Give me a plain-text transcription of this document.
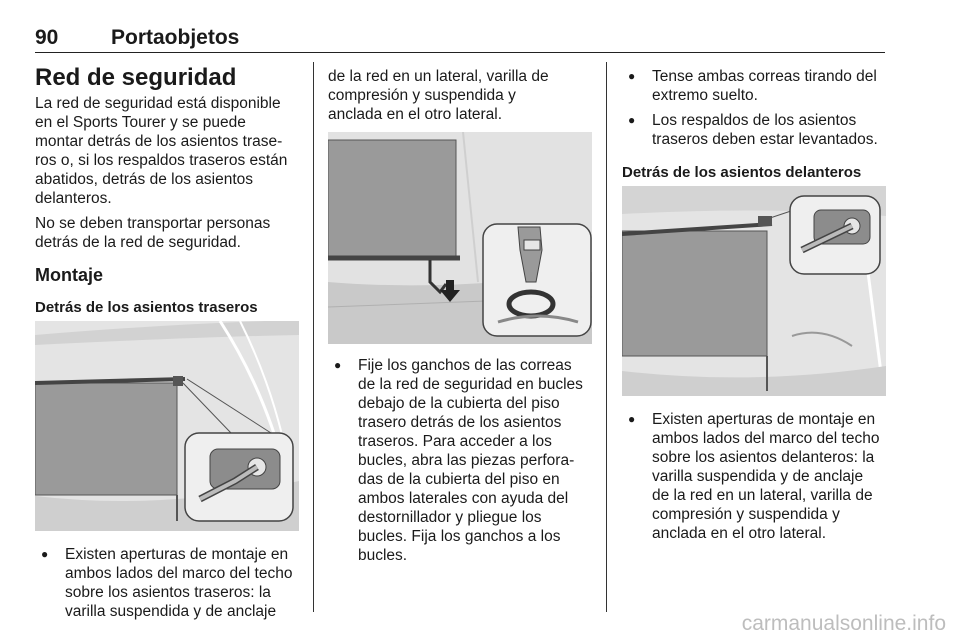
90	Portaobjetos
Red de seguridad

La red de seguridad está disponible
en el Sports Tourer y se puede
montar detrás de los asientos trase-
ros o, si los respaldos traseros están
abatidos, detrás de los asientos
delanteros.

No se deben transportar personas
detrás de la red de seguridad.

Montaje
Detrás de los asientos traseros
● Existen aperturas de montaje en
ambos lados del marco del techo
sobre los asientos traseros: la
varilla suspendida y de anclaje

de la red en un lateral, varilla de
compresión y suspendida y
anclada en el otro lateral.

● Fije los ganchos de las correas
de la red de seguridad en bucles
debajo de la cubierta del piso
trasero detrás de los asientos
traseros. Para acceder a los
bucles, abra las piezas perfora-
das de la cubierta del piso en
ambos laterales con ayuda del
destornillador y pliegue los
bucles. Fija los ganchos a los
bucles.
● Tense ambas correas tirando del
extremo suelto.
● Los respaldos de los asientos
traseros deben estar levantados.
Detrás de los asientos delanteros
● Existen aperturas de montaje en
ambos lados del marco del techo
sobre los asientos delanteros: la
varilla suspendida y de anclaje
de la red en un lateral, varilla de
compresión y suspendida y
anclada en el otro lateral.
carmanualsonline.info
